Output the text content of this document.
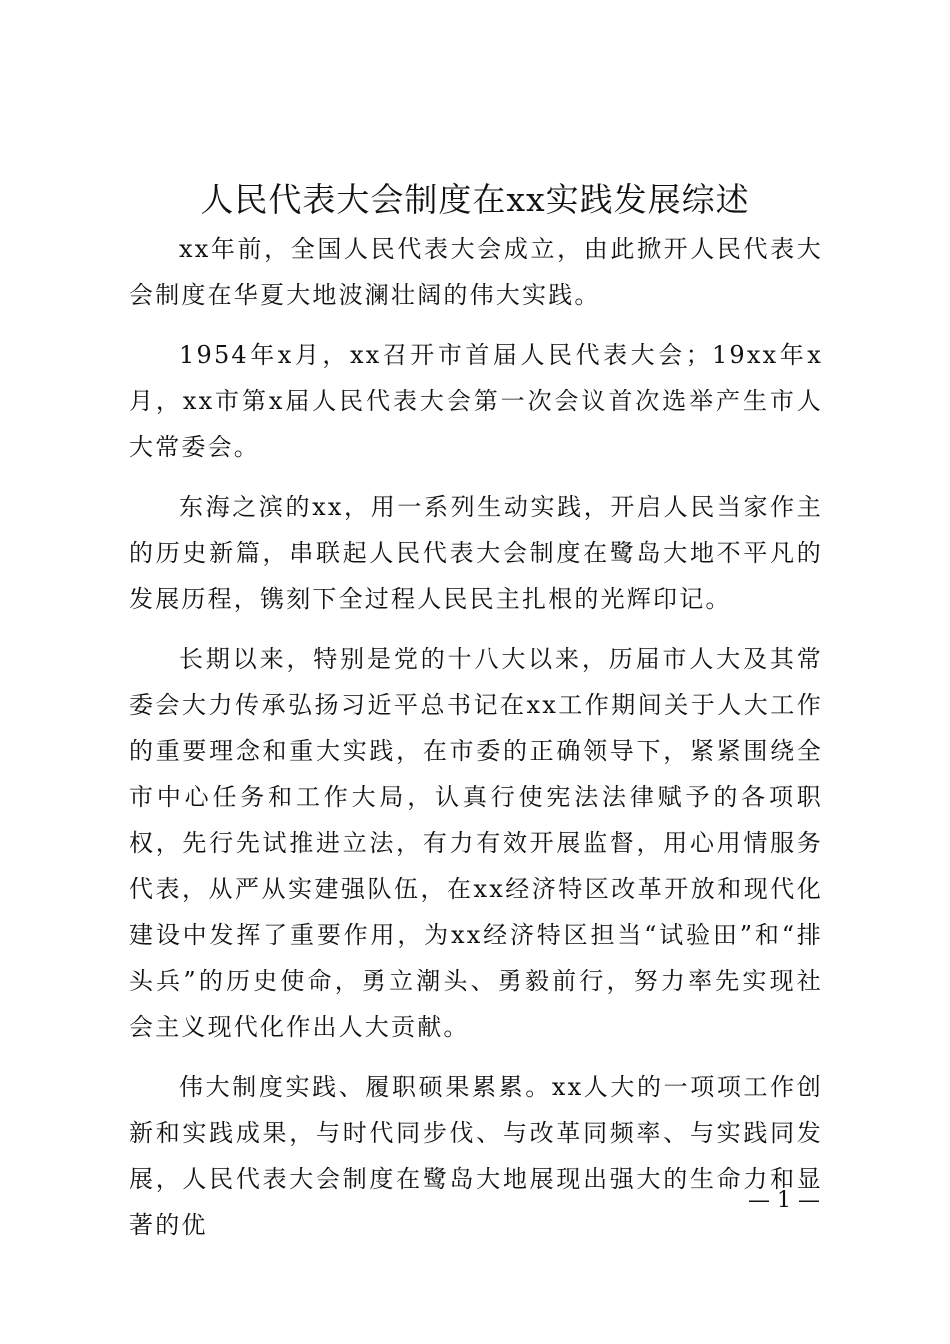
人民代表大会制度在xx实践发展综述

xx年前，全国人民代表大会成立，由此掀开人民代表大会制度在华夏大地波澜壮阔的伟大实践。

1954年x月，xx召开市首届人民代表大会；19xx年x月，xx市第x届人民代表大会第一次会议首次选举产生市人大常委会。

东海之滨的xx，用一系列生动实践，开启人民当家作主的历史新篇，串联起人民代表大会制度在鹭岛大地不平凡的发展历程，镌刻下全过程人民民主扎根的光辉印记。

长期以来，特别是党的十八大以来，历届市人大及其常委会大力传承弘扬习近平总书记在xx工作期间关于人大工作的重要理念和重大实践，在市委的正确领导下，紧紧围绕全市中心任务和工作大局，认真行使宪法法律赋予的各项职权，先行先试推进立法，有力有效开展监督，用心用情服务代表，从严从实建强队伍，在xx经济特区改革开放和现代化建设中发挥了重要作用，为xx经济特区担当“试验田”和“排头兵”的历史使命，勇立潮头、勇毅前行，努力率先实现社会主义现代化作出人大贡献。

伟大制度实践、履职硕果累累。xx人大的一项项工作创新和实践成果，与时代同步伐、与改革同频率、与实践同发展，人民代表大会制度在鹭岛大地展现出强大的生命力和显著的优

— 1 —
